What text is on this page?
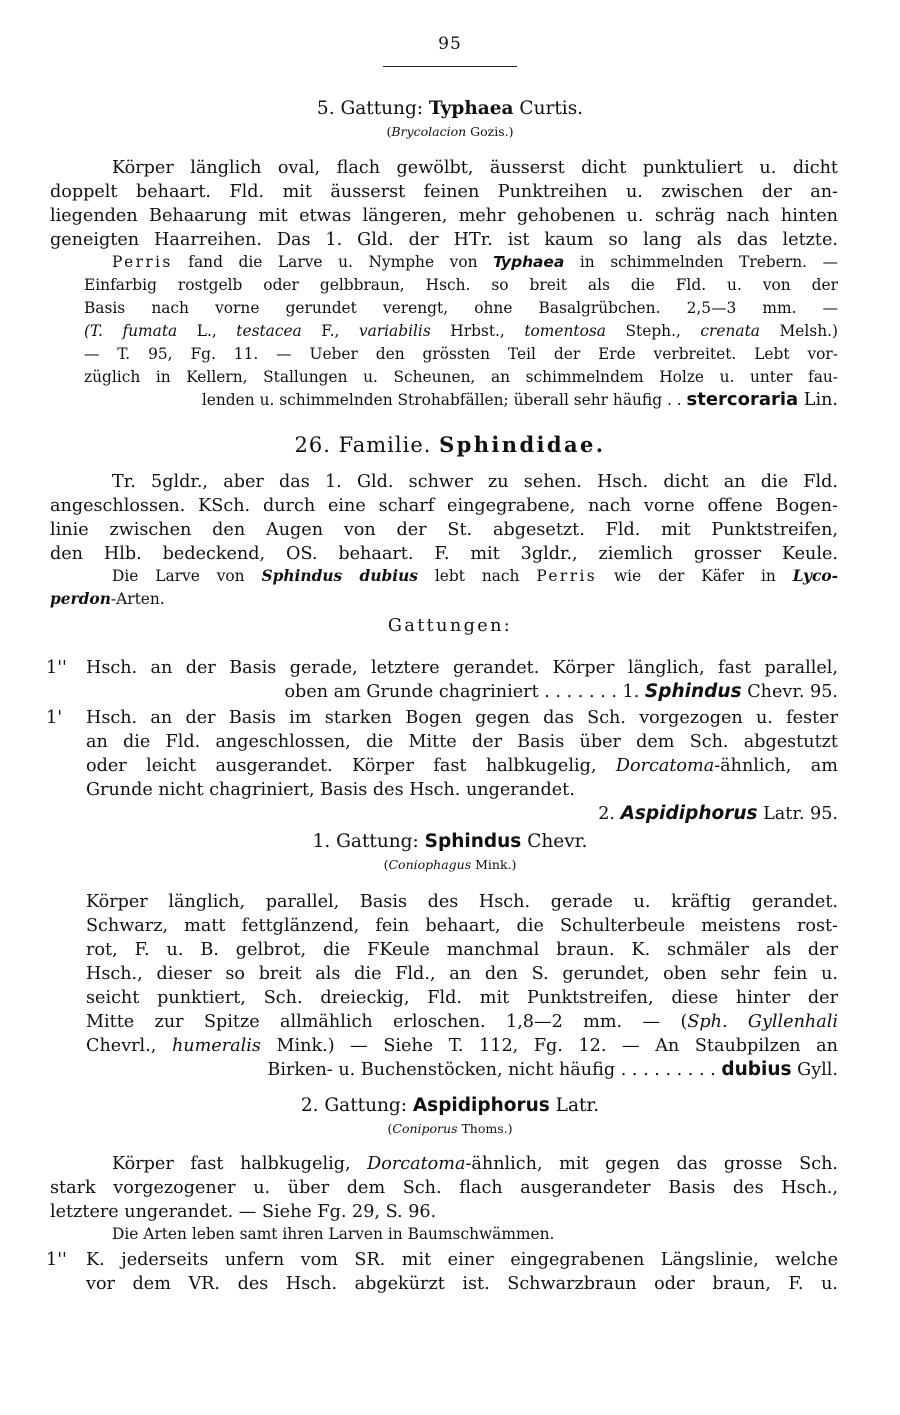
95
5. Gattung: Typhaea Curtis.
(Brycolacion Gozis.)
Körper länglich oval, flach gewölbt, äusserst dicht punktuliert u. dicht
doppelt behaart. Fld. mit äusserst feinen Punktreihen u. zwischen der an-
liegenden Behaarung mit etwas längeren, mehr gehobenen u. schräg nach hinten
geneigten Haarreihen. Das 1. Gld. der HTr. ist kaum so lang als das letzte.
Perris fand die Larve u. Nymphe von Typhaea in schimmelnden Trebern. —
Einfarbig rostgelb oder gelbbraun, Hsch. so breit als die Fld. u. von der
Basis nach vorne gerundet verengt, ohne Basalgrübchen. 2,5—3 mm. —
(T. fumata L., testacea F., variabilis Hrbst., tomentosa Steph., crenata Melsh.)
— T. 95, Fg. 11. — Ueber den grössten Teil der Erde verbreitet. Lebt vor-
züglich in Kellern, Stallungen u. Scheunen, an schimmelndem Holze u. unter fau-
lenden u. schimmelnden Strohabfällen; überall sehr häufig . . stercoraria Lin.
26. Familie. Sphindidae.
Tr. 5gldr., aber das 1. Gld. schwer zu sehen. Hsch. dicht an die Fld.
angeschlossen. KSch. durch eine scharf eingegrabene, nach vorne offene Bogen-
linie zwischen den Augen von der St. abgesetzt. Fld. mit Punktstreifen,
den Hlb. bedeckend, OS. behaart. F. mit 3gldr., ziemlich grosser Keule.
Die Larve von Sphindus dubius lebt nach Perris wie der Käfer in Lyco-
perdon-Arten.
Gattungen:
1'' Hsch. an der Basis gerade, letztere gerandet. Körper länglich, fast parallel,
oben am Grunde chagriniert . . . . . . . 1. Sphindus Chevr. 95.
1' Hsch. an der Basis im starken Bogen gegen das Sch. vorgezogen u. fester
an die Fld. angeschlossen, die Mitte der Basis über dem Sch. abgestutzt
oder leicht ausgerandet. Körper fast halbkugelig, Dorcatoma-ähnlich, am
Grunde nicht chagriniert, Basis des Hsch. ungerandet.
2. Aspidiphorus Latr. 95.
1. Gattung: Sphindus Chevr.
(Coniophagus Mink.)
Körper länglich, parallel, Basis des Hsch. gerade u. kräftig gerandet.
Schwarz, matt fettglänzend, fein behaart, die Schulterbeule meistens rost-
rot, F. u. B. gelbrot, die FKeule manchmal braun. K. schmäler als der
Hsch., dieser so breit als die Fld., an den S. gerundet, oben sehr fein u.
seicht punktiert, Sch. dreieckig, Fld. mit Punktstreifen, diese hinter der
Mitte zur Spitze allmählich erloschen. 1,8—2 mm. — (Sph. Gyllenhali
Chevrl., humeralis Mink.) — Siehe T. 112, Fg. 12. — An Staubpilzen an
Birken- u. Buchenstöcken, nicht häufig . . . . . . . . . dubius Gyll.
2. Gattung: Aspidiphorus Latr.
(Coniporus Thoms.)
Körper fast halbkugelig, Dorcatoma-ähnlich, mit gegen das grosse Sch.
stark vorgezogener u. über dem Sch. flach ausgerandeter Basis des Hsch.,
letztere ungerandet. — Siehe Fg. 29, S. 96.
Die Arten leben samt ihren Larven in Baumschwämmen.
1'' K. jederseits unfern vom SR. mit einer eingegrabenen Längslinie, welche
vor dem VR. des Hsch. abgekürzt ist. Schwarzbraun oder braun, F. u.
